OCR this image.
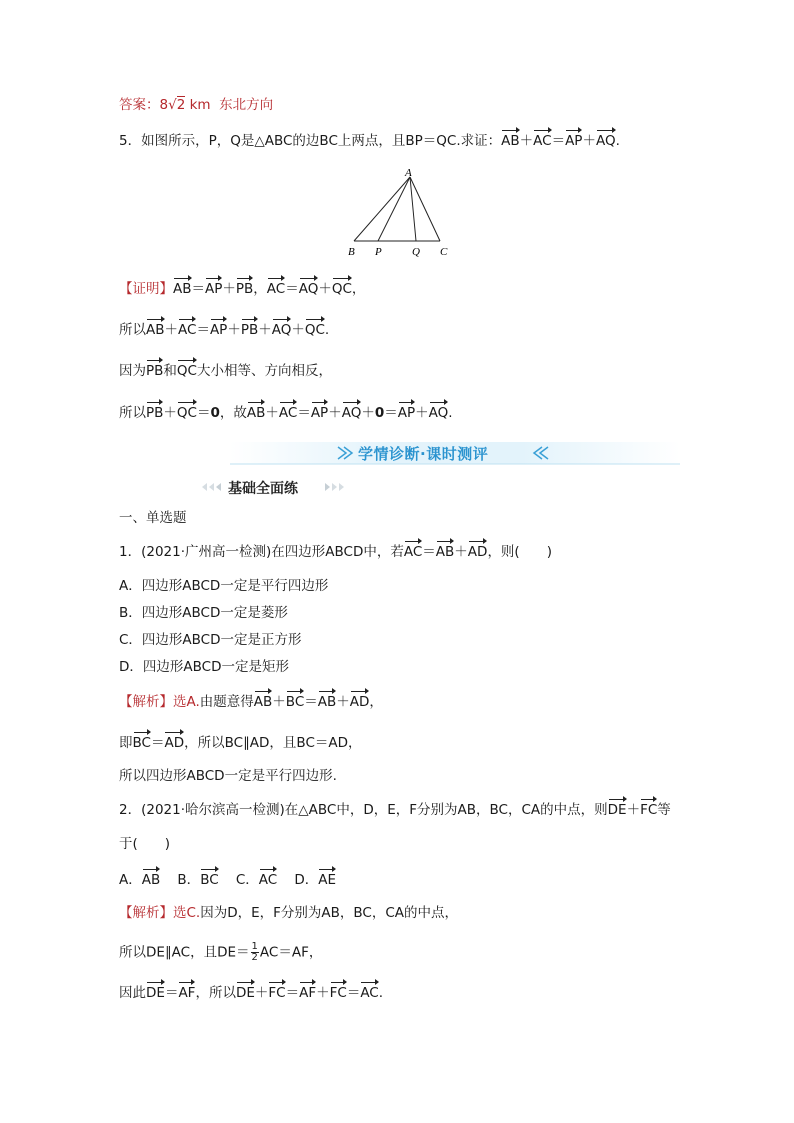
答案：8√2 km 东北方向
5．如图所示，P，Q是△ABC的边BC上两点，且BP＝QC.求证：AB＋AC＝AP＋AQ.
A
B P	Q C
【证明】AB＝AP＋PB，AC＝AQ＋QC，
所以AB＋AC＝AP＋PB＋AQ＋QC.
因为PB和QC大小相等、方向相反，
所以PB＋QC＝0，故AB＋AC＝AP＋AQ＋0＝AP＋AQ.
学情诊断·课时测评
基础全面练
一、单选题
1．(2021·广州高一检测)在四边形ABCD中，若AC＝AB＋AD，则(　　)
A．四边形ABCD一定是平行四边形
B．四边形ABCD一定是菱形
C．四边形ABCD一定是正方形
D．四边形ABCD一定是矩形
【解析】选A.由题意得AB＋BC＝AB＋AD，
即BC＝AD，所以BC∥AD，且BC＝AD，
所以四边形ABCD一定是平行四边形.
2．(2021·哈尔滨高一检测)在△ABC中，D，E，F分别为AB，BC，CA的中点，则DE＋FC等
于(　　)
A．AB B．BC C．AC D．AE
【解析】选C.因为D，E，F分别为AB，BC，CA的中点，
所以DE∥AC，且$DE= \frac{1}{2} AC=AF$，
因此DE＝AF，所以DE＋FC＝AF＋FC＝AC.
